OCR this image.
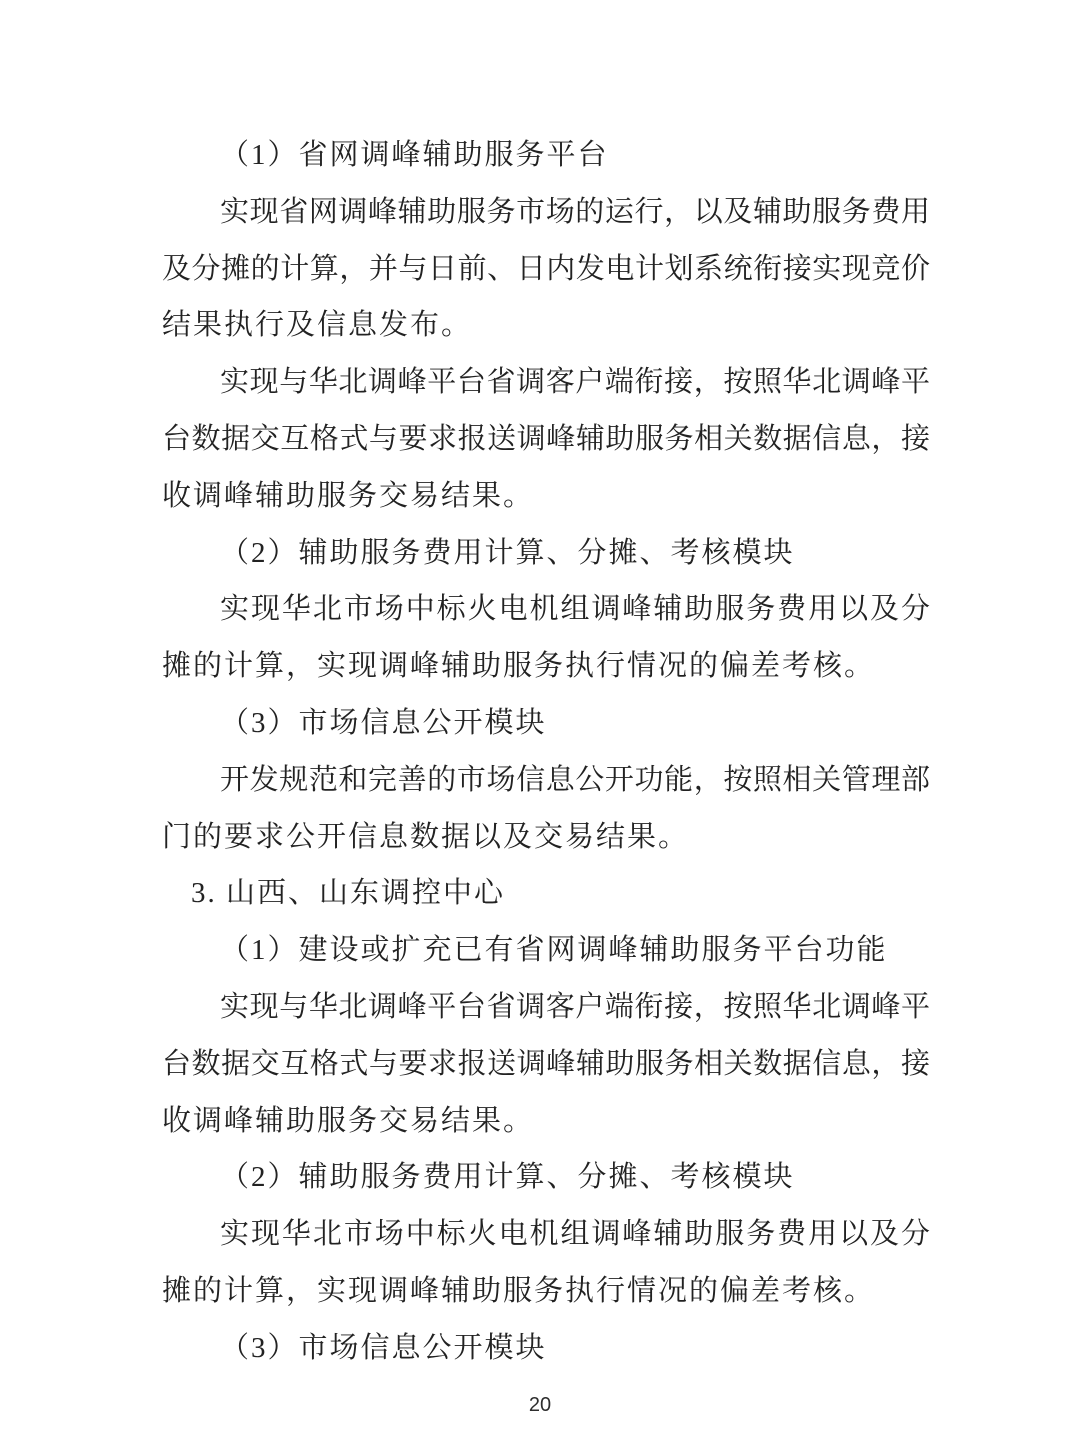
（1）省网调峰辅助服务平台
实现省网调峰辅助服务市场的运行，以及辅助服务费用
及分摊的计算，并与日前、日内发电计划系统衔接实现竞价
结果执行及信息发布。
实现与华北调峰平台省调客户端衔接，按照华北调峰平
台数据交互格式与要求报送调峰辅助服务相关数据信息，接
收调峰辅助服务交易结果。
（2）辅助服务费用计算、分摊、考核模块
实现华北市场中标火电机组调峰辅助服务费用以及分
摊的计算，实现调峰辅助服务执行情况的偏差考核。
（3）市场信息公开模块
开发规范和完善的市场信息公开功能，按照相关管理部
门的要求公开信息数据以及交易结果。
3. 山西、山东调控中心
（1）建设或扩充已有省网调峰辅助服务平台功能
实现与华北调峰平台省调客户端衔接，按照华北调峰平
台数据交互格式与要求报送调峰辅助服务相关数据信息，接
收调峰辅助服务交易结果。
（2）辅助服务费用计算、分摊、考核模块
实现华北市场中标火电机组调峰辅助服务费用以及分
摊的计算，实现调峰辅助服务执行情况的偏差考核。
（3）市场信息公开模块
20
